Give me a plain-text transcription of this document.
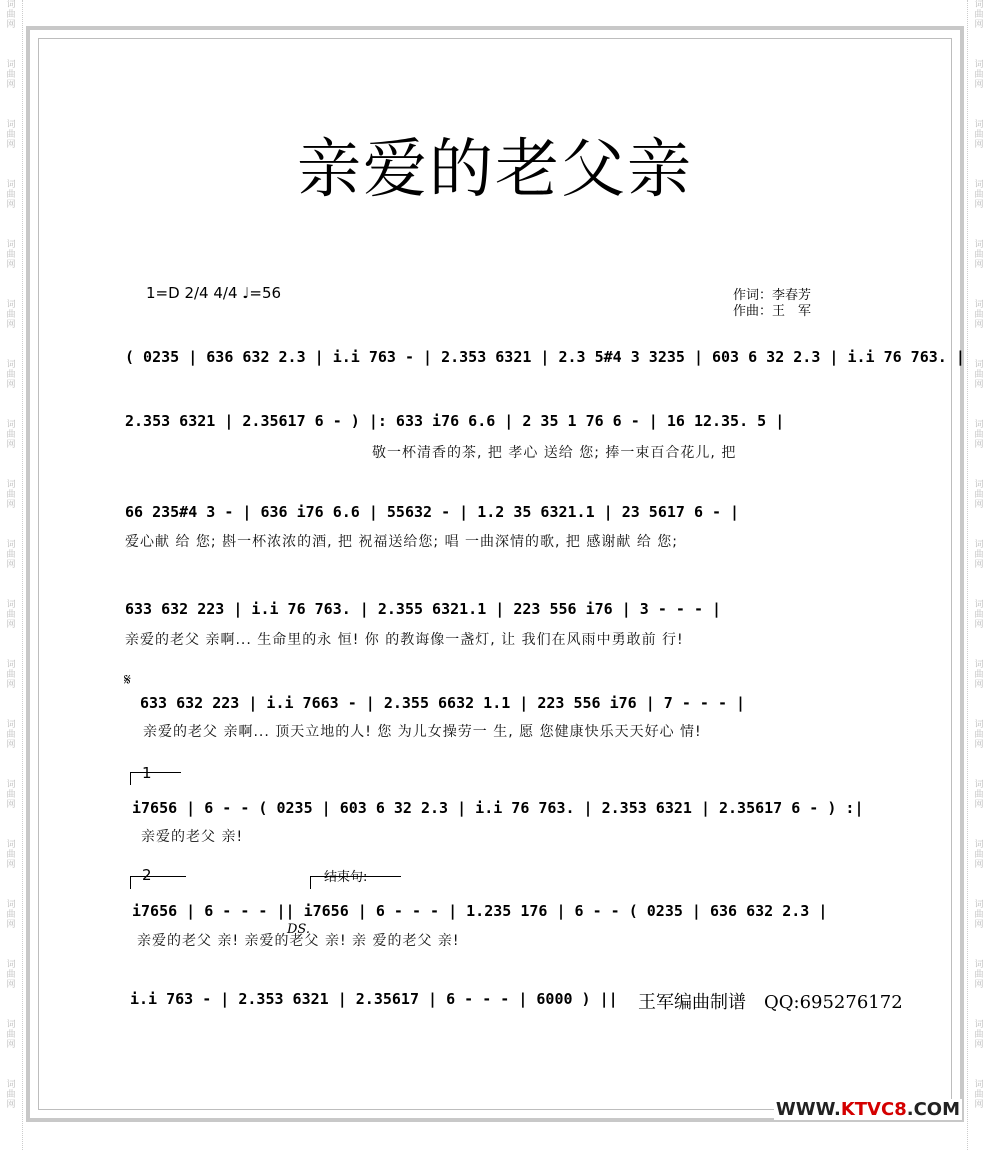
词
曲
网
词
曲
网
词
曲
网
词
曲
网
词
曲
网
词
曲
网
词
曲
网
词
曲
网
词
曲
网
词
曲
网
词
曲
网
词
曲
网
词
曲
网
词
曲
网
词
曲
网
词
曲
网
词
曲
网
词
曲
网
词
曲
网
词
曲
网
词
曲
网
词
曲
网
词
曲
网
词
曲
网
词
曲
网
词
曲
网
词
曲
网
词
曲
网
词
曲
网
词
曲
网
词
曲
网
词
曲
网
词
曲
网
词
曲
网
词
曲
网
词
曲
网
词
曲
网
词
曲
网
亲爱的老父亲
1=D 2/4 4/4 ♩=56	作词：李春芳
作曲：王　军
( 0235 | 636 632 2.3 | i.i 763 - | 2.353 6321 | 2.3 5#4 3 3235 | 603 6 32 2.3 | i.i 76 763. |
2.353 6321 | 2.35617 6 - ) |: 633 i76 6.6 | 2 35 1 76 6 - | 16 12.35. 5 |
敬一杯清香的茶, 把 孝心 送给 您; 捧一束百合花儿, 把
66 235#4 3 - | 636 i76 6.6 | 55632 - | 1.2 35 6321.1 | 23 5617 6 - |
爱心献 给 您; 斟一杯浓浓的酒, 把 祝福送给您; 唱 一曲深情的歌, 把 感谢献 给 您;
633 632 223 | i.i 76 763. | 2.355 6321.1 | 223 556 i76 | 3 - - - |
亲爱的老父 亲啊... 生命里的永 恒! 你 的教诲像一盏灯, 让 我们在风雨中勇敢前 行!
𝄋
633 632 223 | i.i 7663 - | 2.355 6632 1.1 | 223 556 i76 | 7 - - - |
亲爱的老父 亲啊... 顶天立地的人! 您 为儿女操劳一 生, 愿 您健康快乐天天好心 情!
1
i7656 | 6 - - ( 0235 | 603 6 32 2.3 | i.i 76 763. | 2.353 6321 | 2.35617 6 - ) :|
亲爱的老父 亲!
2	结束句:
i7656 | 6 - - - || i7656 | 6 - - - | 1.235 176 | 6 - - ( 0235 | 636 632 2.3 |
DS.
亲爱的老父 亲! 亲爱的老父 亲! 亲 爱的老父 亲!
i.i 763 - | 2.353 6321 | 2.35617 | 6 - - - | 6000 ) ||	王军编曲制谱　QQ:695276172
WWW.KTVC8.COM
